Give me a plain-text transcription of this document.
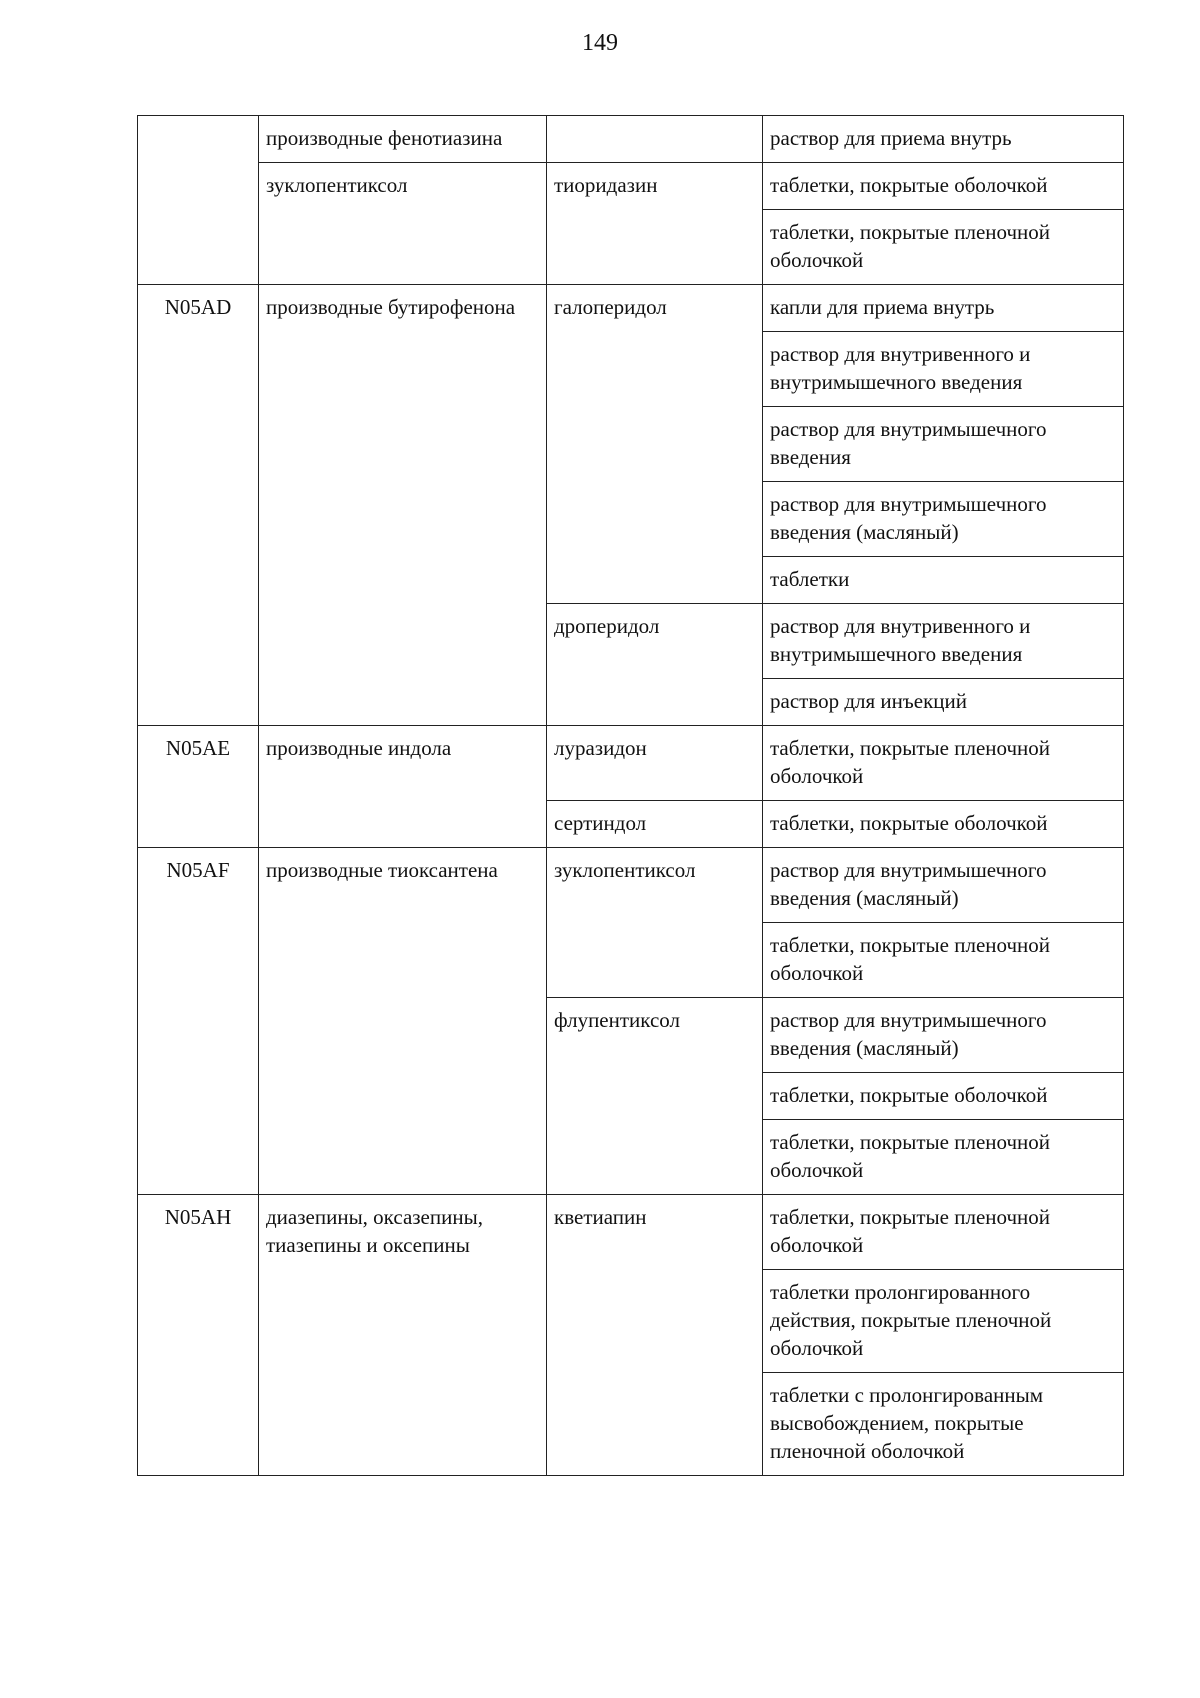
149
	производные фенотиазина		раствор для приема внутрь
	зуклопентиксол	тиоридазин	таблетки, покрытые оболочкой
			таблетки, покрытые пленочной оболочкой
N05AD	производные бутирофенона	галоперидол	капли для приема внутрь
			раствор для внутривенного и внутримышечного введения
			раствор для внутримышечного введения
			раствор для внутримышечного введения (масляный)
			таблетки
		дроперидол	раствор для внутривенного и внутримышечного введения
			раствор для инъекций
N05AE	производные индола	луразидон	таблетки, покрытые пленочной оболочкой
		сертиндол	таблетки, покрытые оболочкой
N05AF	производные тиоксантена	зуклопентиксол	раствор для внутримышечного введения (масляный)
			таблетки, покрытые пленочной оболочкой
		флупентиксол	раствор для внутримышечного введения (масляный)
			таблетки, покрытые оболочкой
			таблетки, покрытые пленочной оболочкой
N05AH	диазепины, оксазепины, тиазепины и оксепины	кветиапин	таблетки, покрытые пленочной оболочкой
			таблетки пролонгированного действия, покрытые пленочной оболочкой
			таблетки с пролонгированным высвобождением, покрытые пленочной оболочкой
